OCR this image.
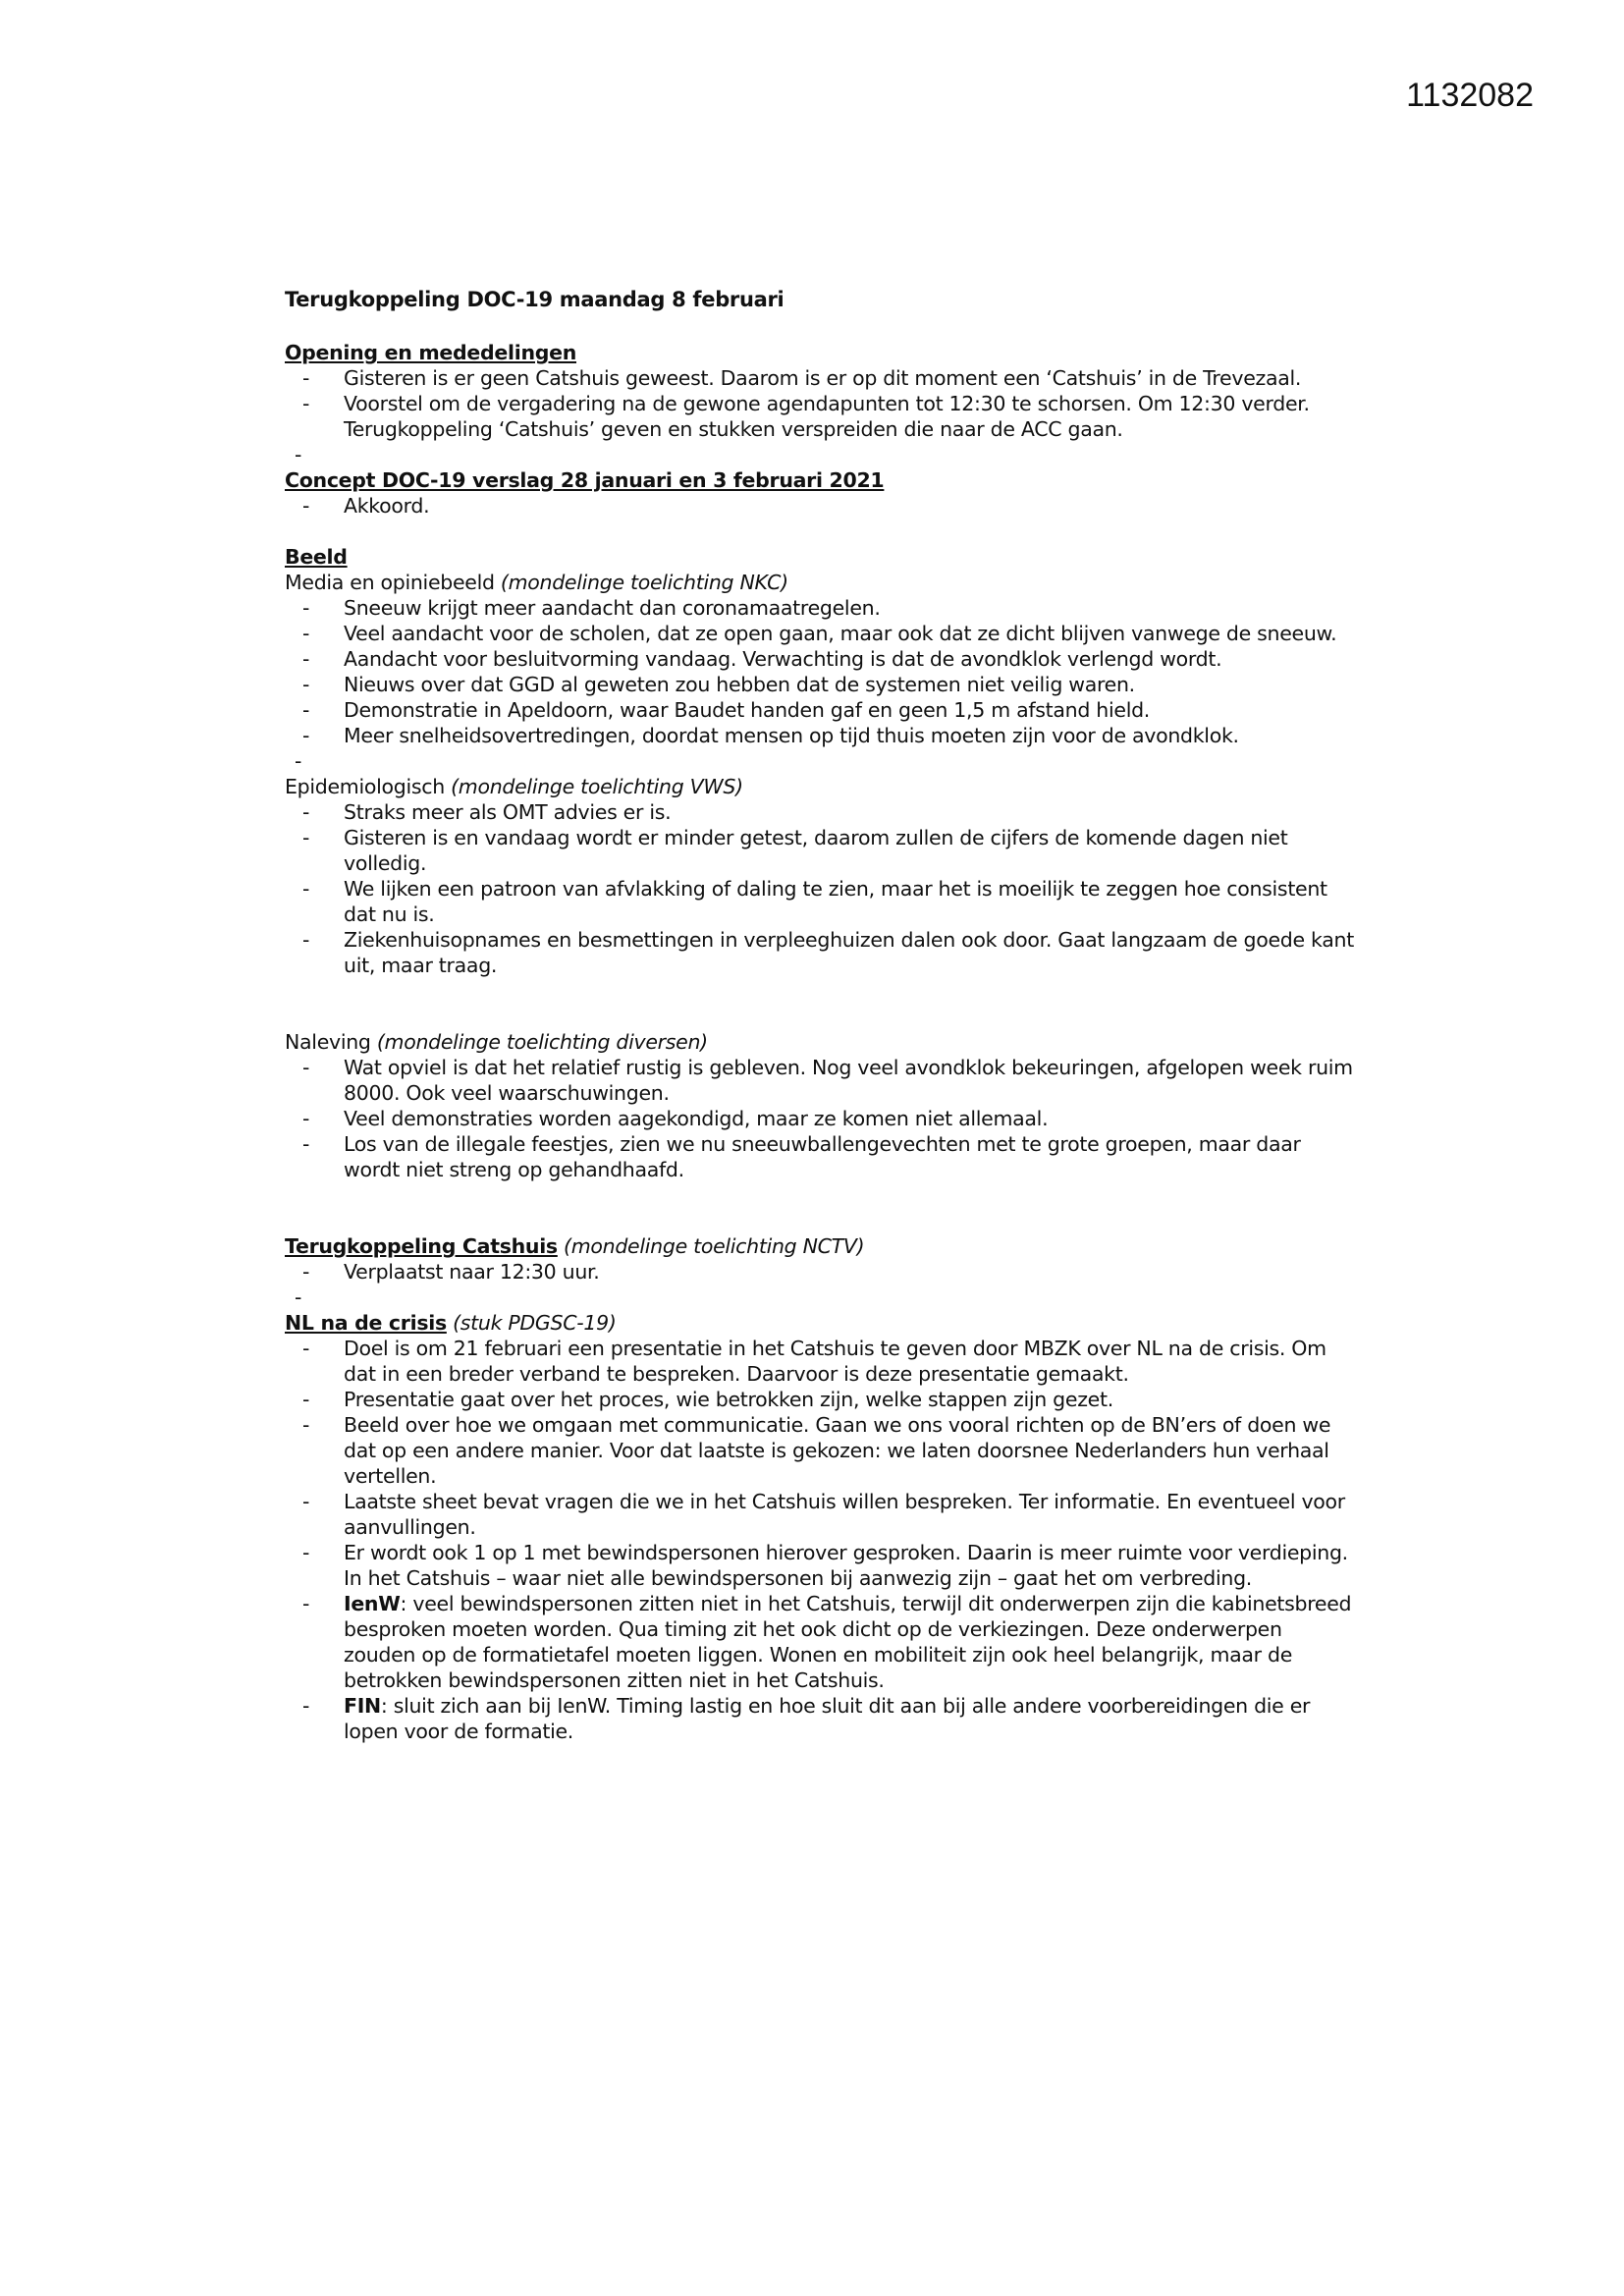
1132082
Terugkoppeling DOC-19 maandag 8 februari
Opening en mededelingen
- Gisteren is er geen Catshuis geweest. Daarom is er op dit moment een ‘Catshuis’ in de Trevezaal.
- Voorstel om de vergadering na de gewone agendapunten tot 12:30 te schorsen. Om 12:30 verder. Terugkoppeling ‘Catshuis’ geven en stukken verspreiden die naar de ACC gaan.
-
Concept DOC-19 verslag 28 januari en 3 februari 2021
- Akkoord.
Beeld
Media en opiniebeeld (mondelinge toelichting NKC)
- Sneeuw krijgt meer aandacht dan coronamaatregelen.
- Veel aandacht voor de scholen, dat ze open gaan, maar ook dat ze dicht blijven vanwege de sneeuw.
- Aandacht voor besluitvorming vandaag. Verwachting is dat de avondklok verlengd wordt.
- Nieuws over dat GGD al geweten zou hebben dat de systemen niet veilig waren.
- Demonstratie in Apeldoorn, waar Baudet handen gaf en geen 1,5 m afstand hield.
- Meer snelheidsovertredingen, doordat mensen op tijd thuis moeten zijn voor de avondklok.
-
Epidemiologisch (mondelinge toelichting VWS)
- Straks meer als OMT advies er is.
- Gisteren is en vandaag wordt er minder getest, daarom zullen de cijfers de komende dagen niet volledig.
- We lijken een patroon van afvlakking of daling te zien, maar het is moeilijk te zeggen hoe consistent dat nu is.
- Ziekenhuisopnames en besmettingen in verpleeghuizen dalen ook door. Gaat langzaam de goede kant uit, maar traag.
Naleving (mondelinge toelichting diversen)
- Wat opviel is dat het relatief rustig is gebleven. Nog veel avondklok bekeuringen, afgelopen week ruim 8000. Ook veel waarschuwingen.
- Veel demonstraties worden aagekondigd, maar ze komen niet allemaal.
- Los van de illegale feestjes, zien we nu sneeuwballengevechten met te grote groepen, maar daar wordt niet streng op gehandhaafd.
Terugkoppeling Catshuis (mondelinge toelichting NCTV)
- Verplaatst naar 12:30 uur.
-
NL na de crisis (stuk PDGSC-19)
- Doel is om 21 februari een presentatie in het Catshuis te geven door MBZK over NL na de crisis. Om dat in een breder verband te bespreken. Daarvoor is deze presentatie gemaakt.
- Presentatie gaat over het proces, wie betrokken zijn, welke stappen zijn gezet.
- Beeld over hoe we omgaan met communicatie. Gaan we ons vooral richten op de BN’ers of doen we dat op een andere manier. Voor dat laatste is gekozen: we laten doorsnee Nederlanders hun verhaal vertellen.
- Laatste sheet bevat vragen die we in het Catshuis willen bespreken. Ter informatie. En eventueel voor aanvullingen.
- Er wordt ook 1 op 1 met bewindspersonen hierover gesproken. Daarin is meer ruimte voor verdieping. In het Catshuis – waar niet alle bewindspersonen bij aanwezig zijn – gaat het om verbreding.
- IenW: veel bewindspersonen zitten niet in het Catshuis, terwijl dit onderwerpen zijn die kabinetsbreed besproken moeten worden. Qua timing zit het ook dicht op de verkiezingen. Deze onderwerpen zouden op de formatietafel moeten liggen. Wonen en mobiliteit zijn ook heel belangrijk, maar de betrokken bewindspersonen zitten niet in het Catshuis.
- FIN: sluit zich aan bij IenW. Timing lastig en hoe sluit dit aan bij alle andere voorbereidingen die er lopen voor de formatie.
